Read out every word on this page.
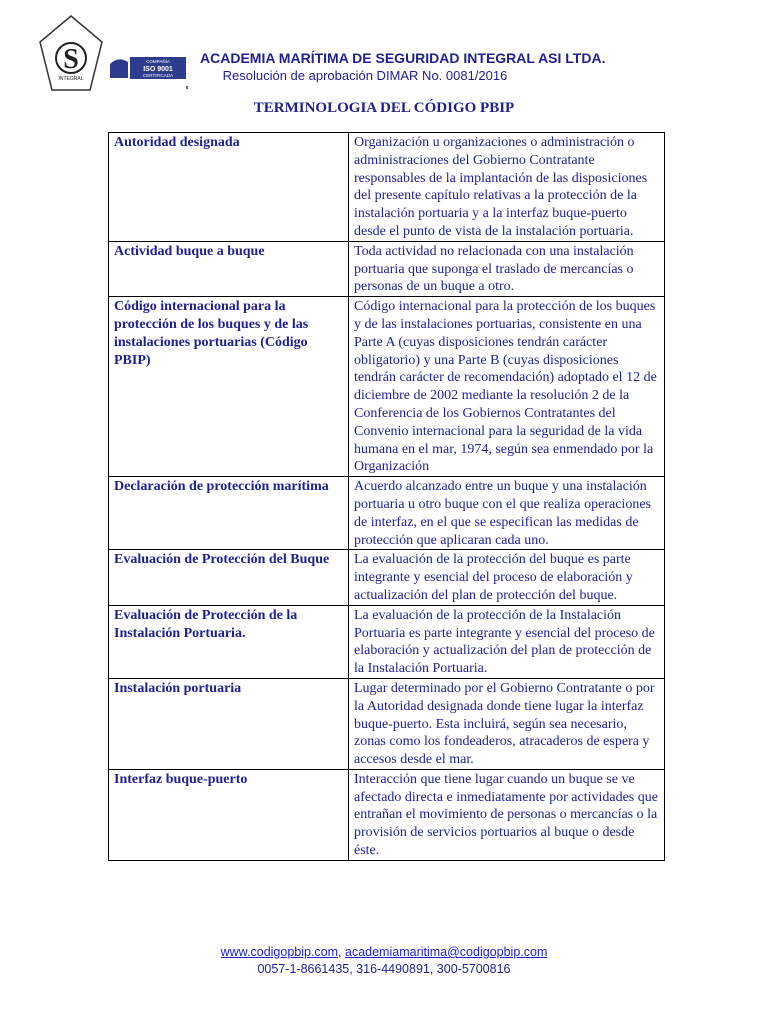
S
INTEGRAL
COMPAÑÍA
ISO 9001
CERTIFICADA
ACADEMIA MARÍTIMA DE SEGURIDAD INTEGRAL ASI LTDA.
Resolución de aprobación DIMAR No. 0081/2016
TERMINOLOGIA DEL CÓDIGO PBIP
Autoridad designada	Organización u organizaciones o administración o administraciones del Gobierno Contratante responsables de la implantación de las disposiciones del presente capítulo relativas a la protección de la instalación portuaria y a la interfaz buque-puerto desde el punto de vista de la instalación portuaria.
Actividad buque a buque	Toda actividad no relacionada con una instalación portuaria que suponga el traslado de mercancías o personas de un buque a otro.
Código internacional para la protección de los buques y de las instalaciones portuarias (Código PBIP)	Código internacional para la protección de los buques y de las instalaciones portuarias, consistente en una Parte A (cuyas disposiciones tendrán carácter obligatorio) y una Parte B (cuyas disposiciones tendrán carácter de recomendación) adoptado el 12 de diciembre de 2002 mediante la resolución 2 de la Conferencia de los Gobiernos Contratantes del Convenio internacional para la seguridad de la vida humana en el mar, 1974, según sea enmendado por la Organización
Declaración de protección marítima	Acuerdo alcanzado entre un buque y una instalación portuaria u otro buque con el que realiza operaciones de interfaz, en el que se especifican las medidas de protección que aplicaran cada uno.
Evaluación de Protección del Buque	La evaluación de la protección del buque es parte integrante y esencial del proceso de elaboración y actualización del plan de protección del buque.
Evaluación de Protección de la Instalación Portuaria.	La evaluación de la protección de la Instalación Portuaria es parte integrante y esencial del proceso de elaboración y actualización del plan de protección de la Instalación Portuaria.
Instalación portuaria	Lugar determinado por el Gobierno Contratante o por la Autoridad designada donde tiene lugar la interfaz buque-puerto. Esta incluirá, según sea necesario, zonas como los fondeaderos, atracaderos de espera y accesos desde el mar.
Interfaz buque-puerto	Interacción que tiene lugar cuando un buque se ve afectado directa e inmediatamente por actividades que entrañan el movimiento de personas o mercancías o la provisión de servicios portuarios al buque o desde éste.
www.codigopbip.com, academiamaritima@codigopbip.com
0057-1-8661435, 316-4490891, 300-5700816
